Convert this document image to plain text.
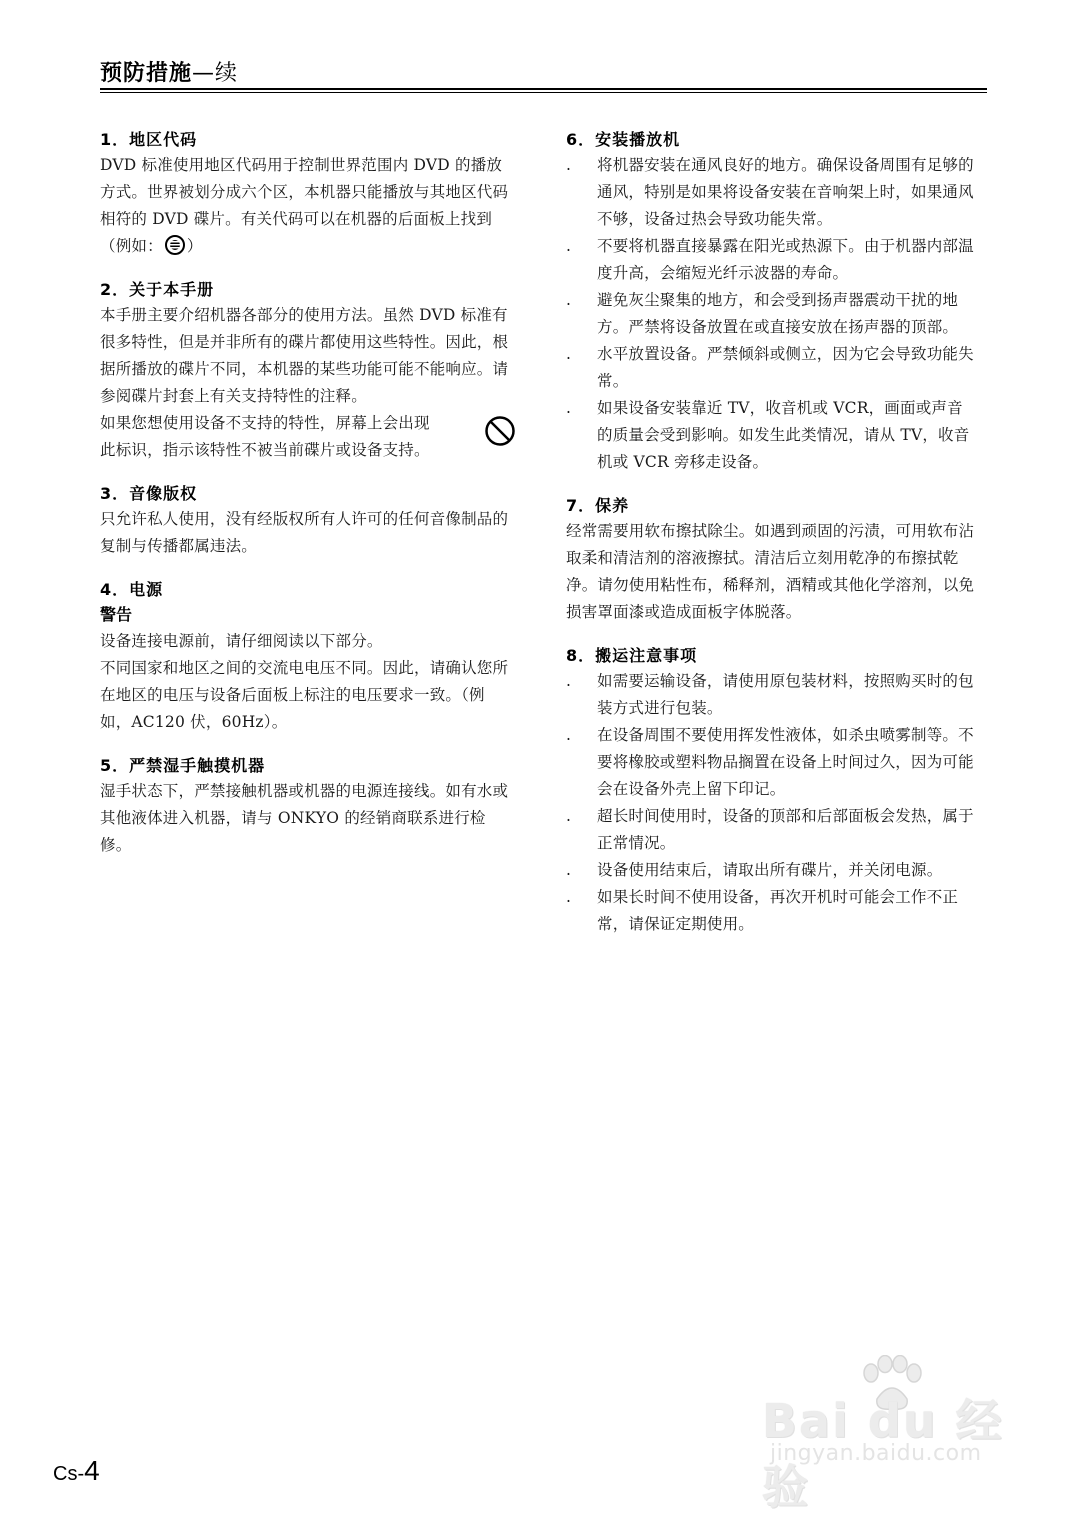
预防措施—续
1．地区代码

DVD 标准使用地区代码用于控制世界范围内 DVD 的播放方式。世界被划分成六个区，本机器只能播放与其地区代码相符的 DVD 碟片。有关代码可以在机器的后面板上找到 （例如： ）

2．关于本手册

本手册主要介绍机器各部分的使用方法。虽然 DVD 标准有很多特性，但是并非所有的碟片都使用这些特性。因此，根据所播放的碟片不同，本机器的某些功能可能不能响应。请参阅碟片封套上有关支持特性的注释。

如果您想使用设备不支持的特性，屏幕上会出现此标识，指示该特性不被当前碟片或设备支持。

3．音像版权

只允许私人使用，没有经版权所有人许可的任何音像制品的复制与传播都属违法。

4．电源
警告

设备连接电源前，请仔细阅读以下部分。

不同国家和地区之间的交流电电压不同。因此，请确认您所在地区的电压与设备后面板上标注的电压要求一致。（例如，AC120 伏，60Hz）。

5．严禁湿手触摸机器

湿手状态下，严禁接触机器或机器的电源连接线。如有水或其他液体进入机器，请与 ONKYO 的经销商联系进行检修。

6．安装播放机
.	将机器安装在通风良好的地方。确保设备周围有足够的通风，特别是如果将设备安装在音响架上时，如果通风不够，设备过热会导致功能失常。
.	不要将机器直接暴露在阳光或热源下。由于机器内部温度升高，会缩短光纤示波器的寿命。
.	避免灰尘聚集的地方，和会受到扬声器震动干扰的地方。严禁将设备放置在或直接安放在扬声器的顶部。
.	水平放置设备。严禁倾斜或侧立，因为它会导致功能失常。
.	如果设备安装靠近 TV，收音机或 VCR，画面或声音的质量会受到影响。如发生此类情况，请从 TV，收音机或 VCR 旁移走设备。
7．保养

经常需要用软布擦拭除尘。如遇到顽固的污渍，可用软布沾取柔和清洁剂的溶液擦拭。清洁后立刻用乾净的布擦拭乾净。请勿使用粘性布，稀释剂，酒精或其他化学溶剂，以免损害罩面漆或造成面板字体脱落。

8．搬运注意事项
.	如需要运输设备，请使用原包装材料，按照购买时的包装方式进行包装。
.	在设备周围不要使用挥发性液体，如杀虫喷雾制等。不要将橡胶或塑料物品搁置在设备上时间过久，因为可能会在设备外壳上留下印记。
.	超长时间使用时，设备的顶部和后部面板会发热，属于正常情况。
.	设备使用结束后，请取出所有碟片，并关闭电源。
.	如果长时间不使用设备，再次开机时可能会工作不正常，请保证定期使用。
Bai du 经验
jingyan.baidu.com
Cs-4
